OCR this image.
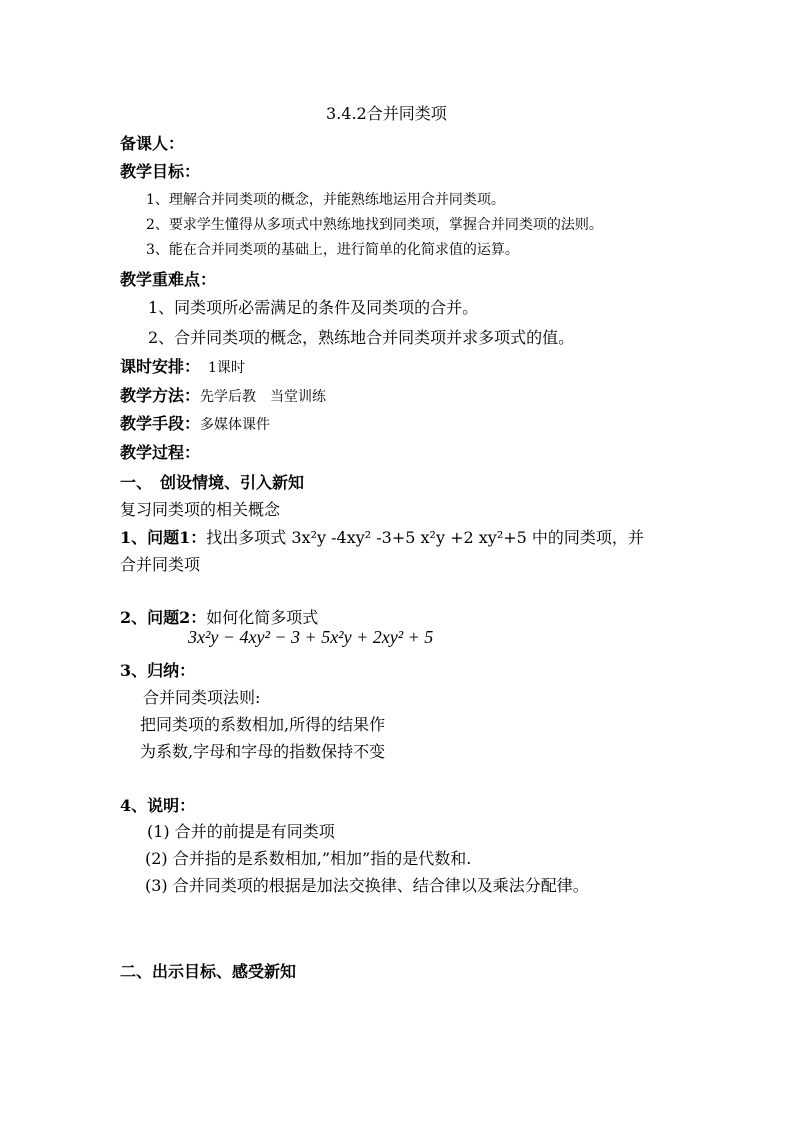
3.4.2合并同类项
备课人：
教学目标：
1、理解合并同类项的概念，并能熟练地运用合并同类项。
2、要求学生懂得从多项式中熟练地找到同类项，掌握合并同类项的法则。
3、能在合并同类项的基础上，进行简单的化简求值的运算。
教学重难点：
1、同类项所必需满足的条件及同类项的合并。
2、合并同类项的概念，熟练地合并同类项并求多项式的值。
课时安排： 1课时
教学方法：先学后教　当堂训练
教学手段：多媒体课件
教学过程：
一、　创设情境、引入新知
复习同类项的相关概念
1、问题1：找出多项式 3x²y -4xy² -3+5 x²y +2 xy²+5 中的同类项，并
合并同类项
2、问题2：如何化简多项式
3x²y − 4xy² − 3 + 5x²y + 2xy² + 5
3、归纳：
合并同类项法则:
把同类项的系数相加,所得的结果作
为系数,字母和字母的指数保持不变
4、说明：
(1) 合并的前提是有同类项
(2) 合并指的是系数相加,”相加”指的是代数和.
(3) 合并同类项的根据是加法交换律、结合律以及乘法分配律。
二、出示目标、感受新知
